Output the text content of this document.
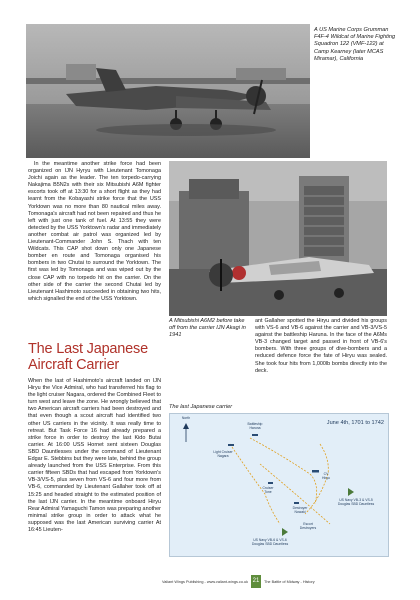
A US Marine Corps Grumman F4F-4 Wildcat of Marine Fighting Squadron 122 (VMF-122) at Camp Kearney (later MCAS Miramar), California
In the meantime another strike force had been organized on IJN Hyryu with Lieutenant Tomonaga Joichi again as the leader. The ten torpedo-carrying Nakajima B5N2s with their six Mitsubishi A6M fighter escorts took off at 13:30 for a short flight as they had learnt from the Kobayashi strike force that the USS Yorktown was no more than 80 nautical miles away. Tomonaga's aircraft had not been repaired and thus he left with just one tank of fuel. At 13:55 they were detected by the USS Yorktown's radar and immediately another combat air patrol was organized led by Lieutenant-Commander John S. Thach with ten Wildcats. This CAP shot down only one Japanese bomber en route and Tomonaga organised his bombers in two Chutai to surround the Yorktown. The first was led by Tomonaga and was wiped out by the close CAP with no torpedo hit on the carrier. On the other side of the carrier the second Chutai led by Lieutenant Hashimoto succeeded in obtaining two hits, which signalled the end of the USS Yorktown.
A Mitsubishi A6M2 before take off from the carrier IJN Akagi in 1941
The Last Japanese Aircraft Carrier
When the last of Hashimoto's aircraft landed on IJN Hiryu the Vice Admiral, who had transferred his flag to the light cruiser Nagara, ordered the Combined Fleet to turn west and leave the zone. He wrongly believed that two American aircraft carriers had been destroyed and that even though a scout aircraft had identified two other US carriers in the vicinity. It was really time to retreat. But Task Force 16 had already prepared a strike force in order to destroy the last Kido Butai carrier. At 16:00 USS Hornet sent sixteen Douglas SBD Dauntlesses under the command of Lieutenant Edgar E. Stebbins but they were late, behind the group already launched from the USS Enterprise. From this carrier fifteen SBDs that had escaped from Yorktown's VB-3/VS-5, plus seven from VS-6 and four more from VB-6, commanded by Lieutenant Gallaher took off at 15:25 and headed straight to the estimated position of the last IJN carrier. In the meantime onboard Hiryu Rear Admiral Yamaguchi Tamon was preparing another minimal strike group in order to attack what he supposed was the last American surviving carrier At 16:45 Lieuten-
ant Gallaher spotted the Hiryu and divided his groups with VS-6 and VB-6 against the carrier and VB-3/VS-5 against the battleship Haruna. In the face of the A6Ms VB-3 changed target and passed in front of VB-6's bombers. With three groups of dive-bombers and a reduced defence force the fate of Hiryu was sealed. She took four hits from 1,000lb bombs directly into the deck.
The last Japanese carrier
June 4th, 1701 to 1742
North
Battleship
Haruna
Light Cruiser
Nagara
CV
Hiryu
Cruiser
Tone
Destroyer
Nowaki
US Navy VB-3 & VS-5
Douglas SBD Dauntless
US Navy VB-6 & VS-6
Douglas SBD Dauntless
Escort
Destroyers
Valiant Wings Publishing - www.valiant-wings.co.uk 21	The Battle of Midway - History
